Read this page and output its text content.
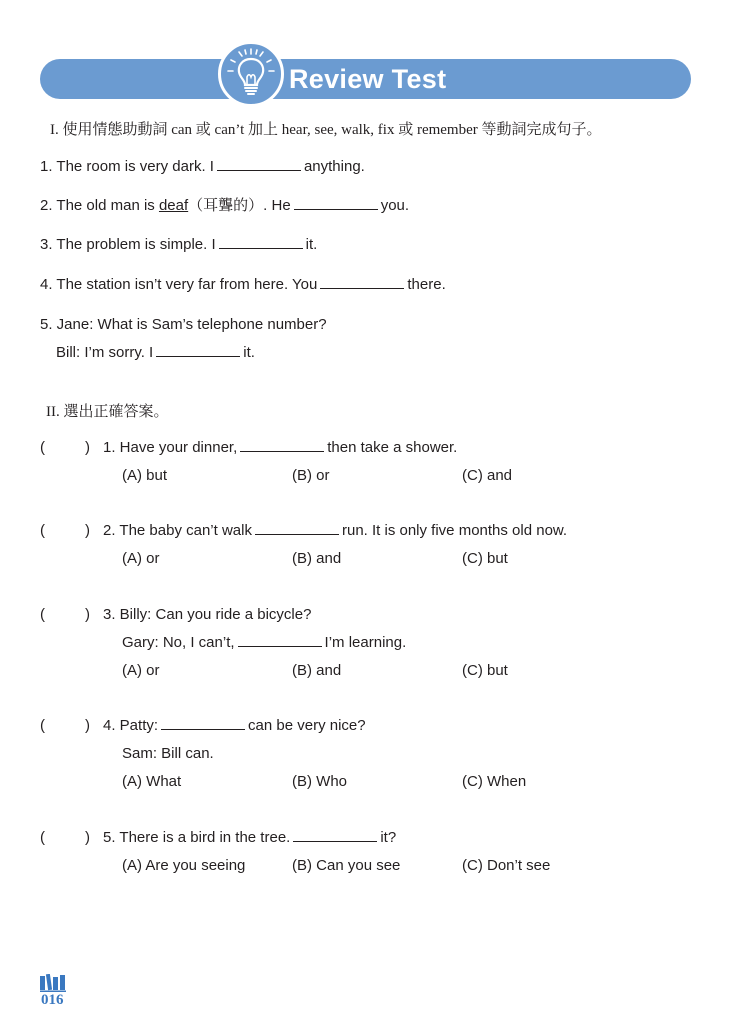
Review Test
I. 使用情態助動詞 can 或 can’t 加上 hear, see, walk, fix 或 remember 等動詞完成句子。
1. The room is very dark. I	anything.
2. The old man is deaf（耳聾的）. He	you.
3. The problem is simple. I	it.
4. The station isn’t very far from here. You	there.
5. Jane: What is Sam’s telephone number?
Bill: I’m sorry. I	it.
II. 選出正確答案。
(	) 1. Have your dinner,	then take a shower.
(A) but	(B) or	(C) and
(	) 2. The baby can’t walk	run. It is only five months old now.
(A) or	(B) and	(C) but
(	) 3. Billy: Can you ride a bicycle?
Gary: No, I can’t,	I’m learning.
(A) or	(B) and	(C) but
(	) 4. Patty:	can be very nice?
Sam: Bill can.
(A) What	(B) Who	(C) When
(	) 5. There is a bird in the tree.	it?
(A) Are you seeing	(B) Can you see	(C) Don’t see
016
